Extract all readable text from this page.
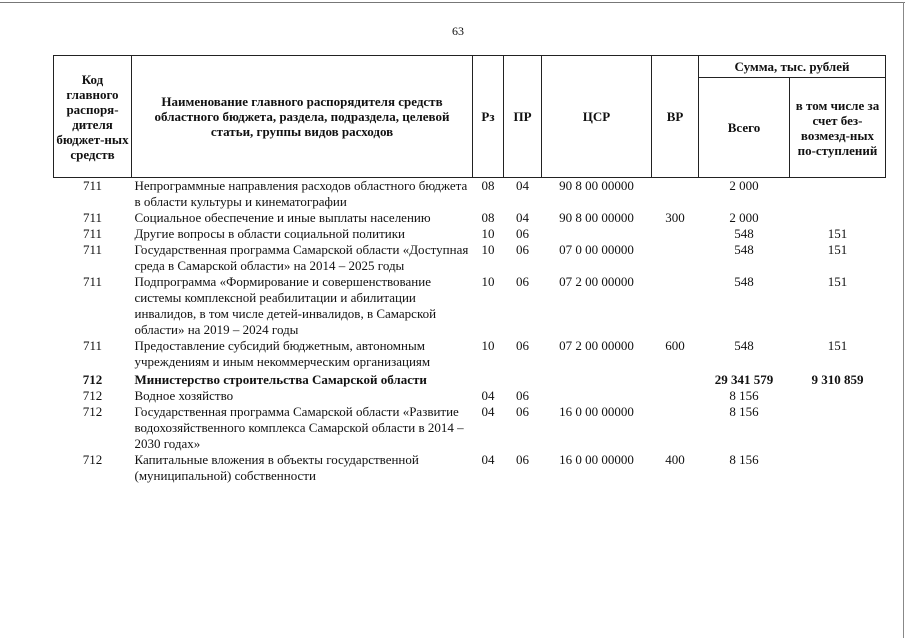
63
Код главного распоря-дителя бюджет-ных средств	Наименование главного распорядителя средств областного бюджета, раздела, подраздела, целевой статьи, группы видов расходов	Рз	ПР	ЦСР	ВР	Сумма, тыс. рублей	
						Всего	в том числе за счет без-возмезд-ных по-ступлений
711	Непрограммные направления расходов областного бюджета в области культуры и кинематографии	08	04	90 8 00 00000		2 000	
711	Социальное обеспечение и иные выплаты населению	08	04	90 8 00 00000	300	2 000	
711	Другие вопросы в области социальной политики	10	06			548	151
711	Государственная программа Самарской области «Доступная среда в Самарской области» на 2014 – 2025 годы	10	06	07 0 00 00000		548	151
711	Подпрограмма «Формирование и совершенствование системы комплексной реабилитации и абилитации инвалидов, в том числе детей-инвалидов, в Самарской области» на 2019 – 2024 годы	10	06	07 2 00 00000		548	151
711	Предоставление субсидий бюджетным, автономным учреждениям и иным некоммерческим организациям	10	06	07 2 00 00000	600	548	151
712	Министерство строительства Самарской области					29 341 579	9 310 859
712	Водное хозяйство	04	06			8 156	
712	Государственная программа Самарской области «Развитие водохозяйственного комплекса Самарской области в 2014 – 2030 годах»	04	06	16 0 00 00000		8 156	
712	Капитальные вложения в объекты государственной (муниципальной) собственности	04	06	16 0 00 00000	400	8 156	
